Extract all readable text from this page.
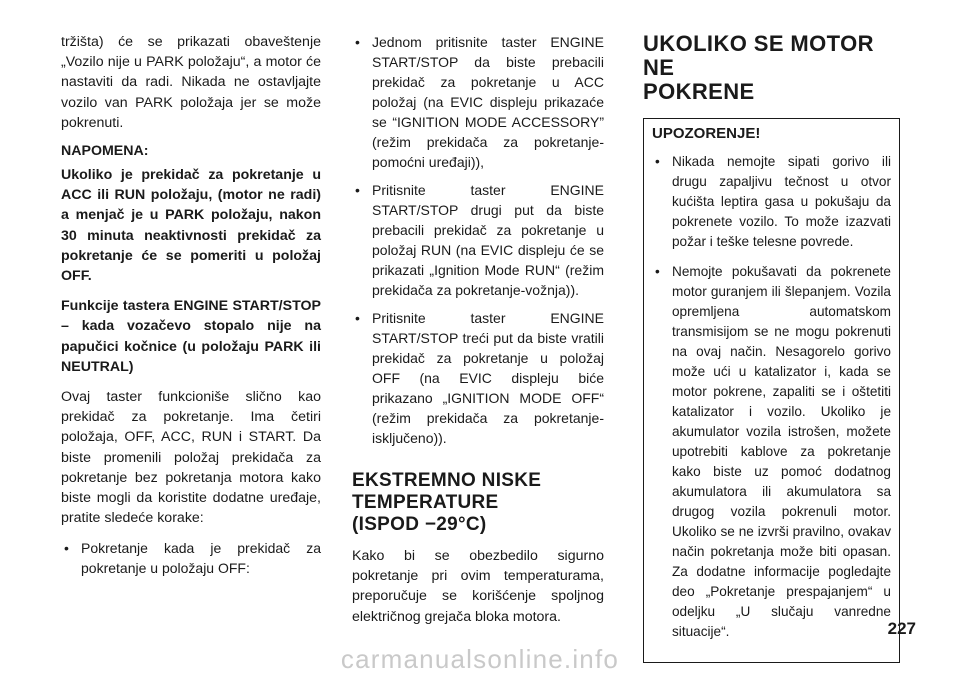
tržišta) će se prikazati obaveštenje „Vozilo nije u PARK položaju“, a motor će nastaviti da radi. Nikada ne ostavljajte vozilo van PARK položaja jer se može pokrenuti.

NAPOMENA:

Ukoliko je prekidač za pokretanje u ACC ili RUN položaju, (motor ne radi) a menjač je u PARK položaju, nakon 30 minuta neaktivnosti prekidač za pokretanje će se pomeriti u položaj OFF.

Funkcije tastera ENGINE START/STOP – kada vozačevo stopalo nije na papučici kočnice (u položaju PARK ili NEUTRAL)

Ovaj taster funkcioniše slično kao prekidač za pokretanje. Ima četiri položaja, OFF, ACC, RUN i START. Da biste promenili položaj prekidača za pokretanje bez pokretanja motora kako biste mogli da koristite dodatne uređaje, pratite sledeće korake:

• Pokretanje kada je prekidač za pokretanje u položaju OFF:
• Jednom pritisnite taster ENGINE START/STOP da biste prebacili prekidač za pokretanje u ACC položaj (na EVIC displeju prikazaće se “IGNITION MODE ACCESSORY” (režim prekidača za pokretanje-pomoćni uređaji)),
• Pritisnite taster ENGINE START/STOP drugi put da biste prebacili prekidač za pokretanje u položaj RUN (na EVIC displeju će se prikazati „Ignition Mode RUN“ (režim prekidača za pokretanje-vožnja)).
• Pritisnite taster ENGINE START/STOP treći put da biste vratili prekidač za pokretanje u položaj OFF (na EVIC displeju biće prikazano „IGNITION MODE OFF“ (režim prekidača za pokretanje-isključeno)).
EKSTREMNO NISKE
TEMPERATURE
(ISPOD −29°C)

Kako bi se obezbedilo sigurno pokretanje pri ovim temperaturama, preporučuje se korišćenje spoljnog električnog grejača bloka motora.

UKOLIKO SE MOTOR NE
POKRENE
UPOZORENJE!
• Nikada nemojte sipati gorivo ili drugu zapaljivu tečnost u otvor kućišta leptira gasa u pokušaju da pokrenete vozilo. To može izazvati požar i teške telesne povrede.
• Nemojte pokušavati da pokrenete motor guranjem ili šlepanjem. Vozila opremljena automatskom transmisijom se ne mogu pokrenuti na ovaj način. Nesagorelo gorivo može ući u katalizator i, kada se motor pokrene, zapaliti se i oštetiti katalizator i vozilo. Ukoliko je akumulator vozila istrošen, možete upotrebiti kablove za pokretanje kako biste uz pomoć dodatnog akumulatora ili akumulatora sa drugog vozila pokrenuli motor. Ukoliko se ne izvrši pravilno, ovakav način pokretanja može biti opasan. Za dodatne informacije pogledajte deo „Pokretanje prespajanjem“ u odeljku „U slučaju vanredne situacije“.	227
carmanualsonline.info
